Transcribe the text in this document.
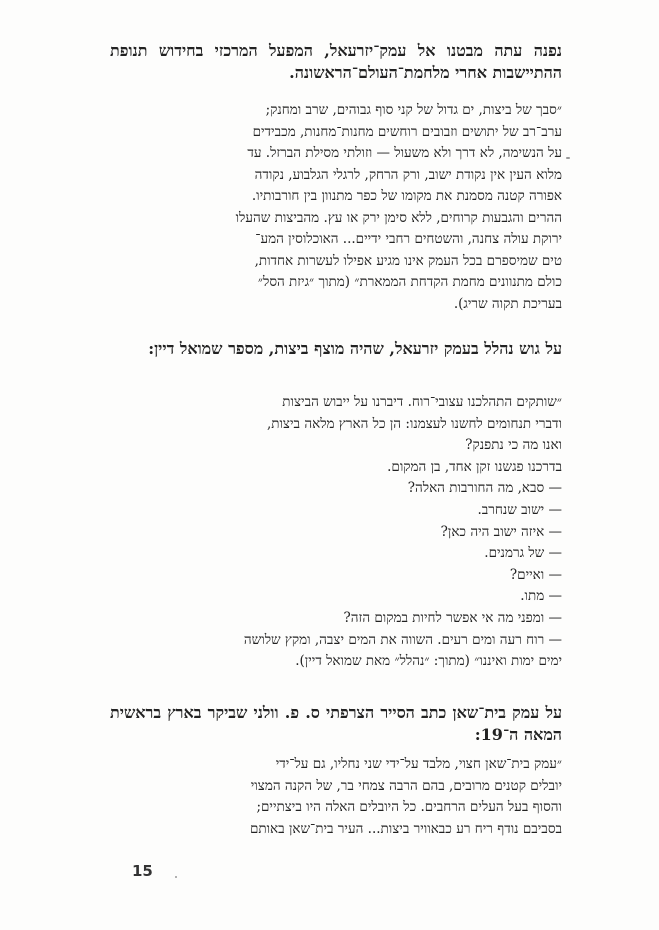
נפנה עתה מבטנו אל עמק־יזרעאל, המפעל המרכזי בחידוש תנופת ההתיישבות אחרי מלחמת־העולם־הראשונה.
״סבך של ביצות, ים גדול של קני סוף גבוהים, שרב ומחנק;
ערב־רב של יתושים וזבובים רוחשים מחנות־מחנות, מכבידים
על הנשימה, לא דרך ולא משעול — וזולתי מסילת הברזל. עד
מלוא העין אין נקודת ישוב, ורק הרחק, לרגלי הגלבוע, נקודה
אפורה קטנה מסמנת את מקומו של כפר מתנוון בין חורבותיו.
ההרים והגבעות קרוחים, ללא סימן ירק או עץ. מהביצות שהעלו
ירוקת עולה צחנה, והשטחים רחבי ידיים... האוכלוסין המע־
טים שמיספרם בכל העמק אינו מגיע אפילו לעשרות אחדות,
כולם מתנוונים מחמת הקדחת הממארת״ (מתוך ״גיזת הסל״
בעריכת תקוה שריג).
על גוש נהלל בעמק יזרעאל, שהיה מוצף ביצות, מספר שמואל דיין:
״שותקים התהלכנו עצובי־רוח. דיברנו על ייבוש הביצות
ודברי תנחומים לחשנו לעצמנו: הן כל הארץ מלאה ביצות,
ואנו מה כי נתפנק?
בדרכנו פגשנו זקן אחד, בן המקום.
— סבא, מה החורבות האלה?
— ישוב שנחרב.
— איזה ישוב היה כאן?
— של גרמנים.
— ואיים?
— מתו.
— ומפני מה אי אפשר לחיות במקום הזה?
— רוח רעה ומים רעים. השווה את המים יצבה, ומקץ שלושה
ימים ימות ואיננו״ (מתוך: ״נהלל״ מאת שמואל דיין).
על עמק בית־שאן כתב הסייר הצרפתי ס. פ. וולני שביקר בארץ בראשית המאה ה־19:
״עמק בית־שאן חצוי, מלבד על־ידי שני נחליו, גם על־ידי
יובלים קטנים מרובים, בהם הרבה צמחי בר, של הקנה המצוי
והסוף בעל העלים הרחבים. כל היובלים האלה היו ביצתיים;
בסביבם נודף ריח רע כבאוויר ביצות... העיר בית־שאן באותם
15
